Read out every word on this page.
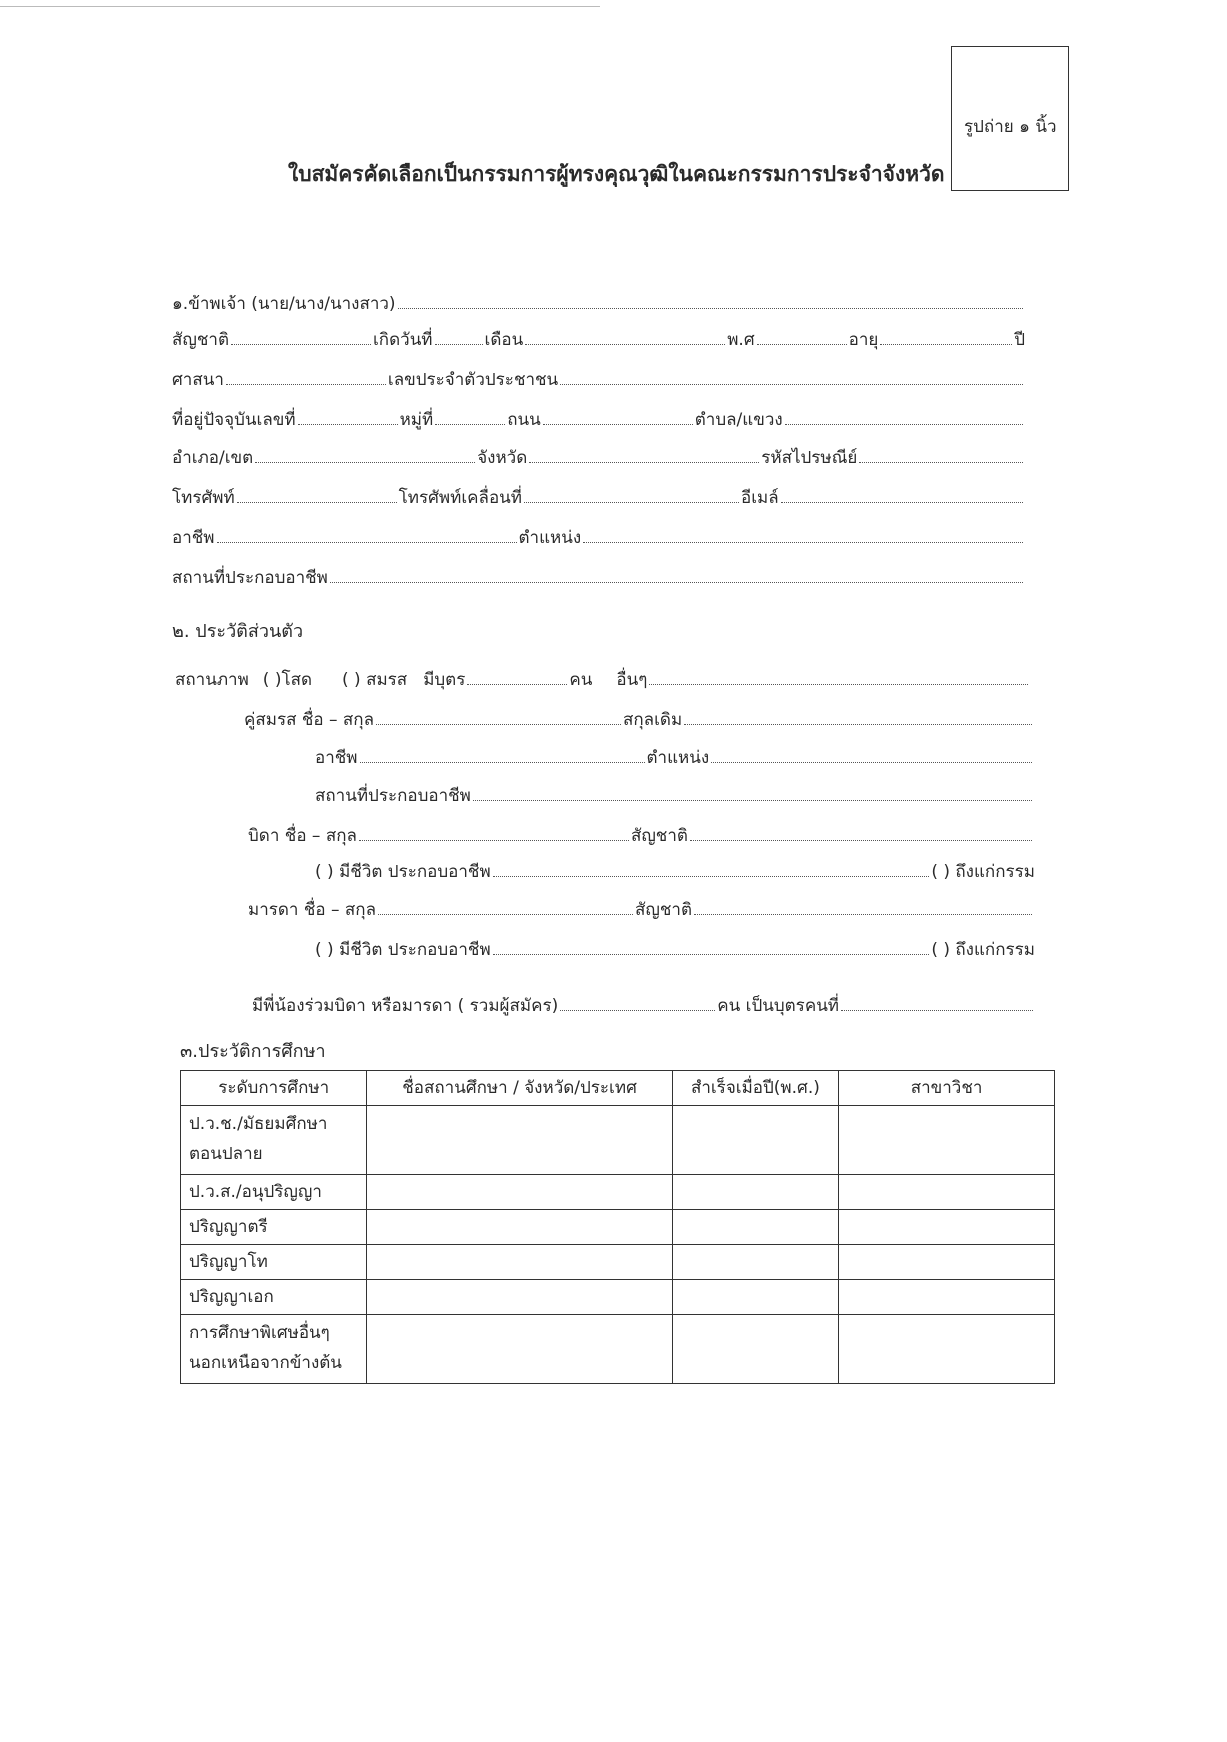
รูปถ่าย ๑ นิ้ว
ใบสมัครคัดเลือกเป็นกรรมการผู้ทรงคุณวุฒิในคณะกรรมการประจำจังหวัด
๑.ข้าพเจ้า (นาย/นาง/นางสาว)
สัญชาติ	เกิดวันที่	เดือน	พ.ศ	อายุ	ปี
ศาสนา	เลขประจำตัวประชาชน
ที่อยู่ปัจจุบันเลขที่	หมู่ที่	ถนน	ตำบล/แขวง
อำเภอ/เขต	จังหวัด	รหัสไปรษณีย์
โทรศัพท์	โทรศัพท์เคลื่อนที่	อีเมล์
อาชีพ	ตำแหน่ง
สถานที่ประกอบอาชีพ
๒. ประวัติส่วนตัว
สถานภาพ ( )โสด ( ) สมรส มีบุตร	คน อื่นๆ
คู่สมรส ชื่อ – สกุล	สกุลเดิม
อาชีพ	ตำแหน่ง
สถานที่ประกอบอาชีพ
บิดา ชื่อ – สกุล	สัญชาติ
( ) มีชีวิต ประกอบอาชีพ	( ) ถึงแก่กรรม
มารดา ชื่อ – สกุล	สัญชาติ
( ) มีชีวิต ประกอบอาชีพ	( ) ถึงแก่กรรม
มีพี่น้องร่วมบิดา หรือมารดา ( รวมผู้สมัคร)	คน เป็นบุตรคนที่
๓.ประวัติการศึกษา
ระดับการศึกษา	ชื่อสถานศึกษา / จังหวัด/ประเทศ	สำเร็จเมื่อปี(พ.ศ.)	สาขาวิชา
ป.ว.ช./มัธยมศึกษาตอนปลาย			
ป.ว.ส./อนุปริญญา			
ปริญญาตรี			
ปริญญาโท			
ปริญญาเอก			
การศึกษาพิเศษอื่นๆนอกเหนือจากข้างต้น			
